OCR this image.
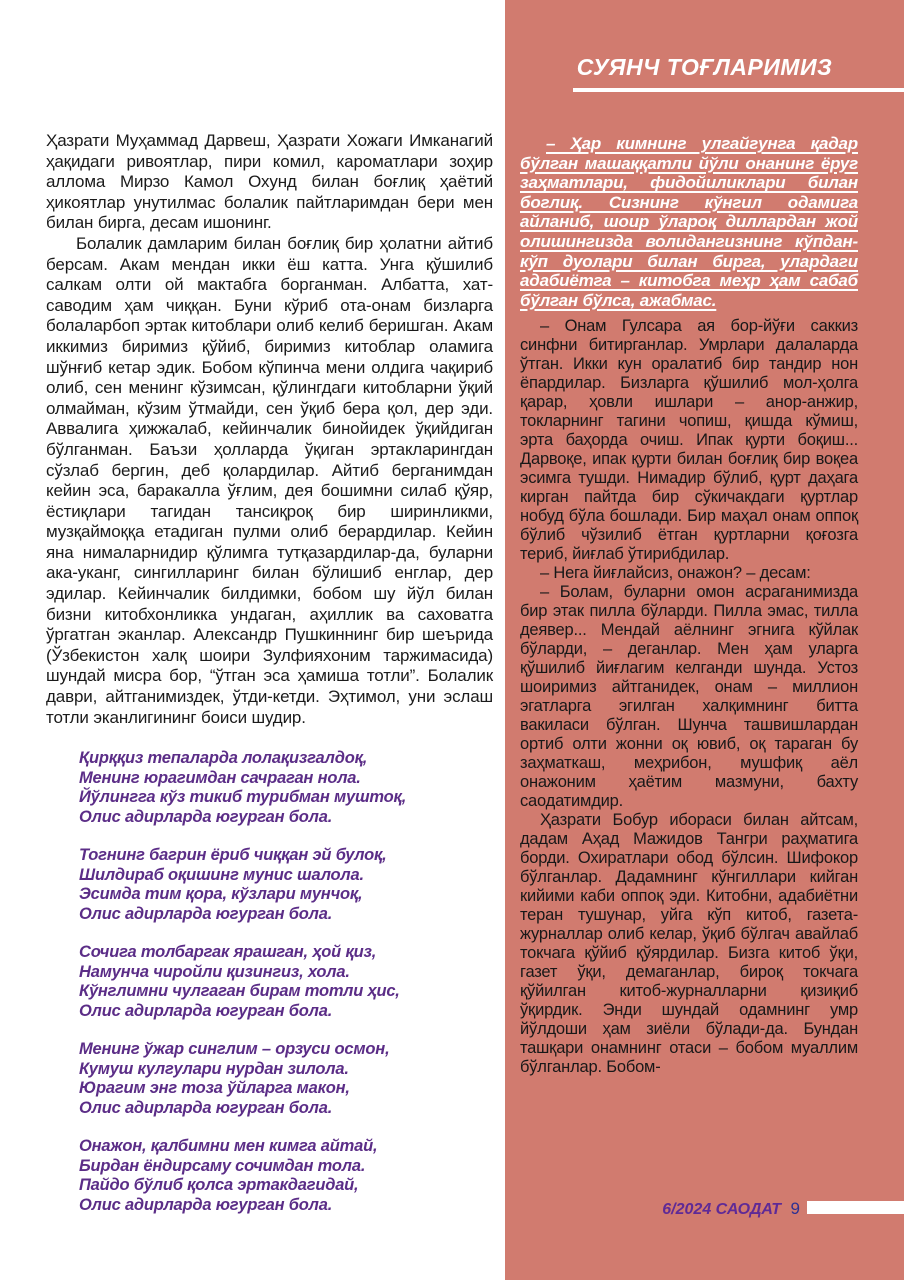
Ҳазрати Муҳаммад Дарвеш, Ҳазрати Хожаги Имканагий ҳақидаги ривоятлар, пири комил, кароматлари зоҳир аллома Мирзо Камол Охунд билан боғлиқ ҳаётий ҳикоятлар унутилмас болалик пайтларимдан бери мен билан бирга, десам ишонинг.

Болалик дамларим билан боғлиқ бир ҳолатни айтиб берсам. Акам мендан икки ёш катта. Унга қўшилиб салкам олти ой мактабга борганман. Албатта, хат-саводим ҳам чиққан. Буни кўриб ота-онам бизларга болаларбоп эртак китоблари олиб келиб беришган. Акам иккимиз биримиз қўйиб, биримиз китоблар оламига шўнғиб кетар эдик. Бобом кўпинча мени олдига чақириб олиб, сен менинг кўзимсан, қўлингдаги китобларни ўқий олмайман, кўзим ўтмайди, сен ўқиб бера қол, дер эди. Аввалига ҳижжалаб, кейинчалик бинойидек ўқийдиган бўлганман. Баъзи ҳолларда ўқиган эртакларингдан сўзлаб бергин, деб қолардилар. Айтиб берганимдан кейин эса, баракалла ўғлим, дея бошимни силаб қўяр, ёстиқлари тагидан тансиқроқ бир ширинликми, музқаймоққа етадиган пулми олиб берардилар. Кейин яна нималарнидир қўлимга тутқазардилар-да, буларни ака-уканг, сингилларинг билан бўлишиб енглар, дер эдилар. Кейинчалик билдимки, бобом шу йўл билан бизни китобхонликка ундаган, аҳиллик ва саховатга ўргатган эканлар. Александр Пушкиннинг бир шеърида (Ўзбекистон халқ шоири Зулфияхоним таржимасида) шундай мисра бор, “ўтган эса ҳамиша тотли”. Болалик даври, айтганимиздек, ўтди-кетди. Эҳтимол, уни эслаш тотли эканлигининг боиси шудир.

Қирққиз тепаларда лолақизгалдоқ,
Менинг юрагимдан сачраган нола.
Йўлингга кўз тикиб турибман муштоқ,
Олис адирларда югурган бола.
Тогнинг багрин ёриб чиққан эй булоқ,
Шилдираб оқишинг мунис шалола.
Эсимда тим қора, кўзлари мунчоқ,
Олис адирларда югурган бола.
Сочига толбаргак ярашган, ҳой қиз,
Намунча чиройли қизингиз, хола.
Кўнглимни чулгаган бирам тотли ҳис,
Олис адирларда югурган бола.
Менинг ўжар синглим – орзуси осмон,
Кумуш кулгулари нурдан зилола.
Юрагим энг тоза ўйларга макон,
Олис адирларда югурган бола.
Онажон, қалбимни мен кимга айтай,
Бирдан ёндирсаму сочимдан тола.
Пайдо бўлиб қолса эртакдагидай,
Олис адирларда югурган бола.
СУЯНЧ ТОҒЛАРИМИЗ

– Ҳар кимнинг улгайгунга қадар бўлган машаққатли йўли онанинг ёруг заҳматлари, фидойиликлари билан боглиқ. Сизнинг кўнгил одамига айланиб, шоир ўлароқ диллардан жой олишингизда волидангизнинг кўпдан-кўп дуолари билан бирга, улардаги адабиётга – китобга меҳр ҳам сабаб бўлган бўлса, ажабмас.

– Онам Гулсара ая бор-йўғи саккиз синфни битирганлар. Умрлари далаларда ўтган. Икки кун оралатиб бир тандир нон ёпардилар. Бизларга қўшилиб мол-ҳолга қарар, ҳовли ишлари – анор-анжир, токларнинг тагини чопиш, қишда кўмиш, эрта баҳорда очиш. Ипак қурти боқиш... Дарвоқе, ипак қурти билан боғлиқ бир воқеа эсимга тушди. Нимадир бўлиб, қурт даҳага кирган пайтда бир сўкичакдаги қуртлар нобуд бўла бошлади. Бир маҳал онам оппоқ бўлиб чўзилиб ётган қуртларни қоғозга териб, йиғлаб ўтирибдилар.

– Нега йиғлайсиз, онажон? – десам:

– Болам, буларни омон асраганимизда бир этак пилла бўларди. Пилла эмас, тилла деявер... Мендай аёлнинг эгнига кўйлак бўларди, – деганлар. Мен ҳам уларга қўшилиб йиғлагим келганди шунда. Устоз шоиримиз айтганидек, онам – миллион эгатларга эгилган халқимнинг битта вакиласи бўлган. Шунча ташвишлардан ортиб олти жонни оқ ювиб, оқ тараган бу заҳматкаш, меҳрибон, мушфиқ аёл онажоним ҳаётим мазмуни, бахту саодатимдир.

Ҳазрати Бобур ибораси билан айтсам, дадам Аҳад Мажидов Тангри раҳматига борди. Охиратлари обод бўлсин. Шифокор бўлганлар. Дадамнинг кўнгиллари кийган кийими каби оппоқ эди. Китобни, адабиётни теран тушунар, уйга кўп китоб, газета-журналлар олиб келар, ўқиб бўлгач авайлаб токчага қўйиб қўярдилар. Бизга китоб ўқи, газет ўқи, демаганлар, бироқ токчага қўйилган китоб-журналларни қизиқиб ўқирдик. Энди шундай одамнинг умр йўлдоши ҳам зиёли бўлади-да. Бундан ташқари онамнинг отаси – бобом муаллим бўлганлар. Бобом-

6/2024 САОДАТ 9
